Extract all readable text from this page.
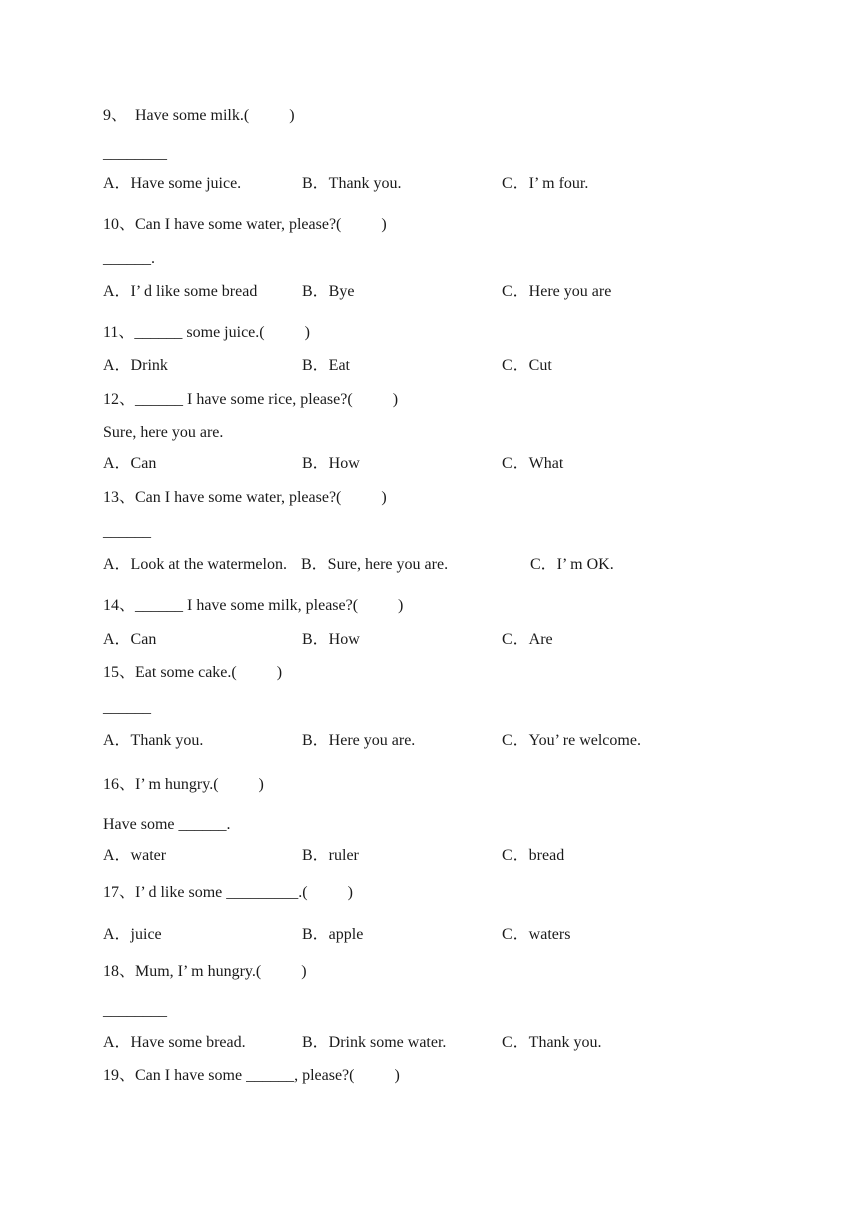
9、  Have some milk.(          )
________
A．Have some juice.	B．Thank you.	C．I’ m four.
10、Can I have some water, please?(          )
______.
A．I’ d like some bread	B．Bye	C．Here you are
11、______ some juice.(          )
A．Drink	B．Eat	C．Cut
12、______ I have some rice, please?(          )
Sure, here you are.
A．Can	B．How	C．What
13、Can I have some water, please?(          )
______
A．Look at the watermelon. B．Sure, here you are.	C．I’ m OK.
14、______ I have some milk, please?(          )
A．Can	B．How	C．Are
15、Eat some cake.(          )
______
A．Thank you.	B．Here you are.	C．You’ re welcome.
16、I’ m hungry.(          )
Have some ______.
A．water	B．ruler	C．bread
17、I’ d like some _________.(          )
A．juice	B．apple	C．waters
18、Mum, I’ m hungry.(          )
________
A．Have some bread.	B．Drink some water.	C．Thank you.
19、Can I have some ______, please?(          )
